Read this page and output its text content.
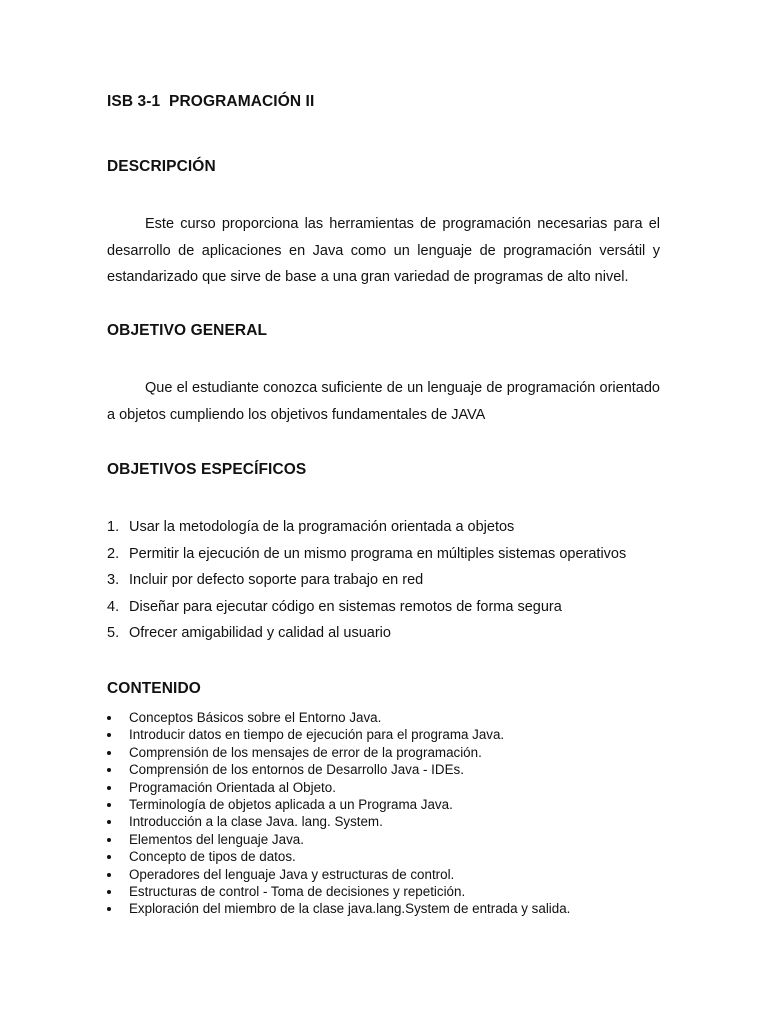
ISB 3-1  PROGRAMACIÓN II
DESCRIPCIÓN

Este curso proporciona las herramientas de programación necesarias para el desarrollo de aplicaciones en Java como un lenguaje de programación versátil y estandarizado que sirve de base a una gran variedad de programas de alto nivel.

OBJETIVO GENERAL

Que el estudiante conozca suficiente de un lenguaje de programación orientado a objetos cumpliendo los objetivos fundamentales de JAVA

OBJETIVOS ESPECÍFICOS
1. Usar la metodología de la programación orientada a objetos
2. Permitir la ejecución de un mismo programa en múltiples sistemas operativos
3. Incluir por defecto soporte para trabajo en red
4. Diseñar para ejecutar código en sistemas remotos de forma segura
5. Ofrecer amigabilidad y calidad al usuario
CONTENIDO
Conceptos Básicos sobre el Entorno Java.
Introducir datos en tiempo de ejecución para el programa Java.
Comprensión de los mensajes de error de la programación.
Comprensión de los entornos de Desarrollo Java - IDEs.
Programación Orientada al Objeto.
Terminología de objetos aplicada a un Programa Java.
Introducción a la clase Java. lang. System.
Elementos del lenguaje Java.
Concepto de tipos de datos.
Operadores del lenguaje Java y estructuras de control.
Estructuras de control - Toma de decisiones y repetición.
Exploración del miembro de la clase java.lang.System de entrada y salida.
